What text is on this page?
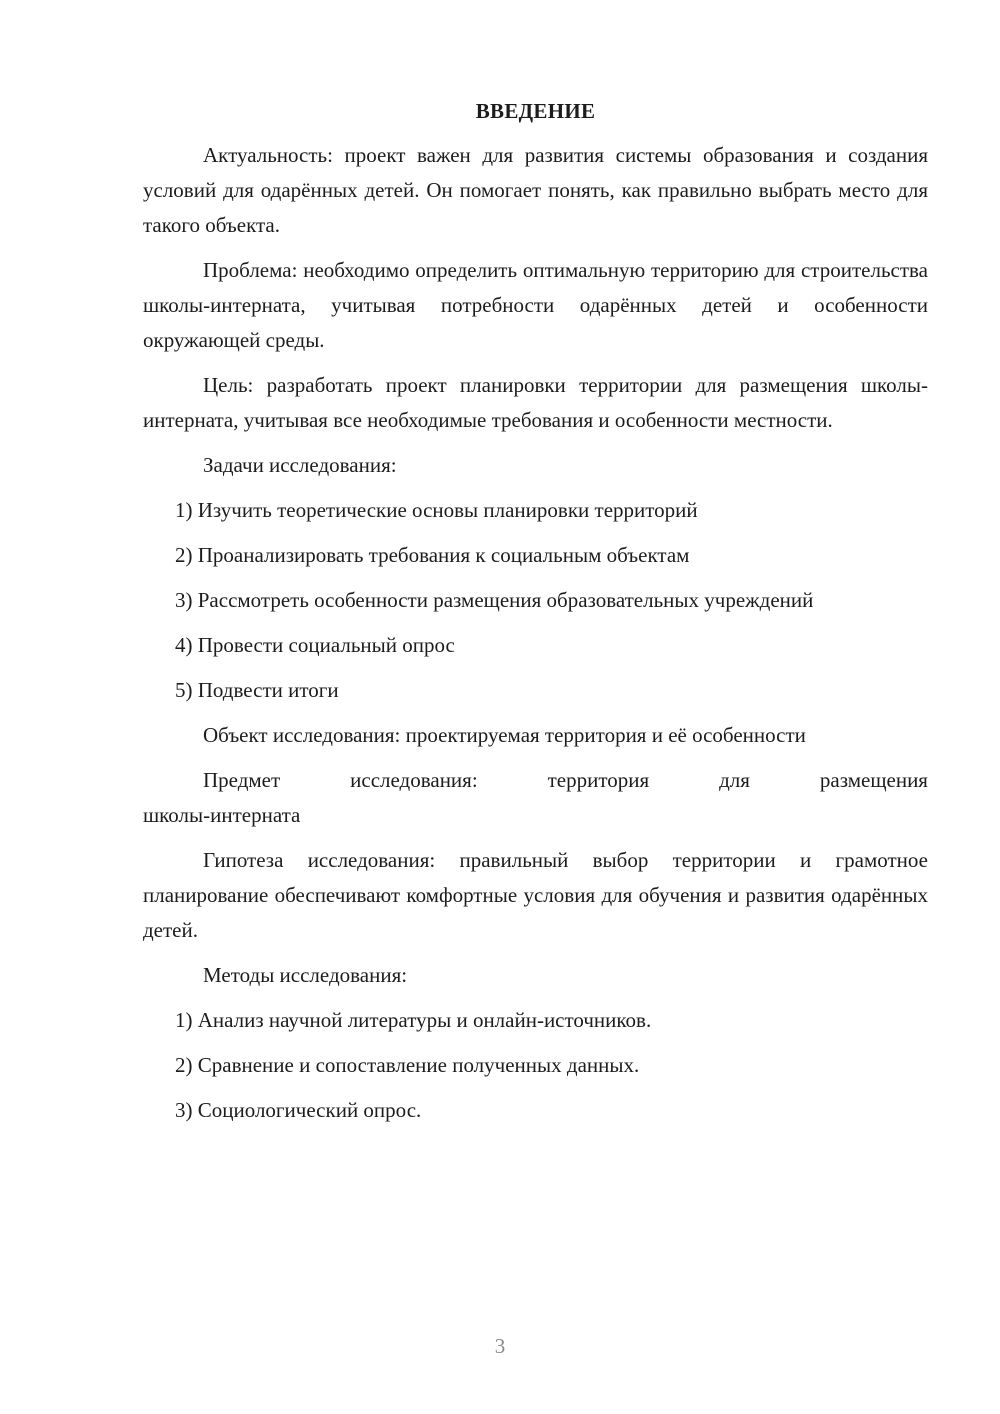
ВВЕДЕНИЕ

Актуальность: проект важен для развития системы образования и создания условий для одарённых детей. Он помогает понять, как правильно выбрать место для такого объекта.

Проблема: необходимо определить оптимальную территорию для строительства школы-интерната, учитывая потребности одарённых детей и особенности окружающей среды.

Цель: разработать проект планировки территории для размещения школы-интерната, учитывая все необходимые требования и особенности местности.

Задачи исследования:
1) Изучить теоретические основы планировки территорий
2) Проанализировать требования к социальным объектам
3) Рассмотреть особенности размещения образовательных учреждений
4) Провести социальный опрос
5) Подвести итоги
Объект исследования: проектируемая территория и её особенности
Предмет	исследования:	территория	для	размещения
школы-интерната

Гипотеза исследования: правильный выбор территории и грамотное планирование обеспечивают комфортные условия для обучения и развития одарённых детей.

Методы исследования:
1) Анализ научной литературы и онлайн-источников.
2) Сравнение и сопоставление полученных данных.
3) Социологический опрос.
3
